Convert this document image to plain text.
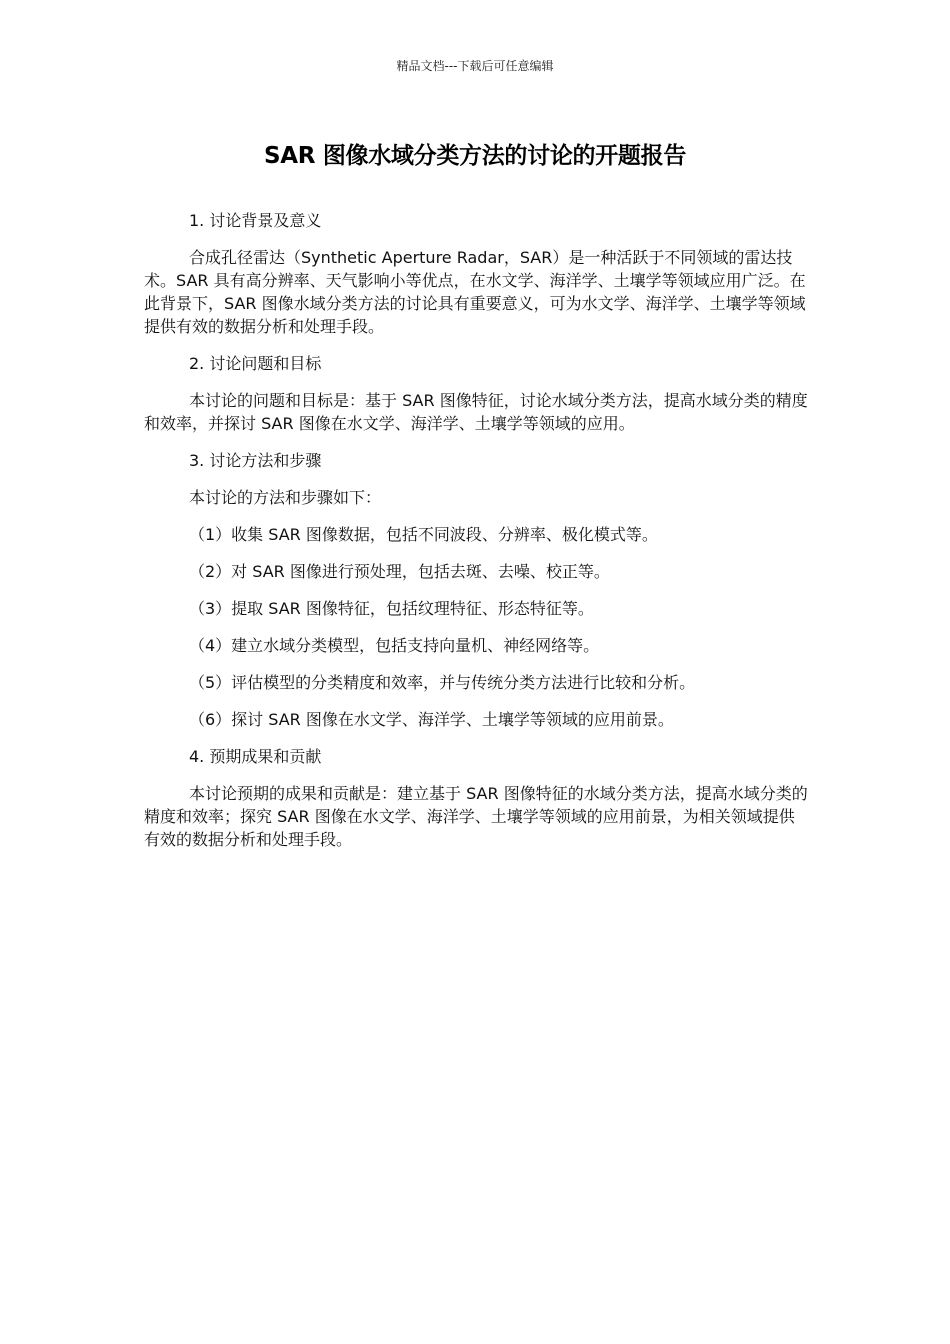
精品文档---下载后可任意编辑
SAR 图像水域分类方法的讨论的开题报告

1. 讨论背景及意义

合成孔径雷达（Synthetic Aperture Radar，SAR）是一种活跃于不同领域的雷达技术。SAR 具有高分辨率、天气影响小等优点，在水文学、海洋学、土壤学等领域应用广泛。在此背景下，SAR 图像水域分类方法的讨论具有重要意义，可为水文学、海洋学、土壤学等领域提供有效的数据分析和处理手段。

2. 讨论问题和目标

本讨论的问题和目标是：基于 SAR 图像特征，讨论水域分类方法，提高水域分类的精度和效率，并探讨 SAR 图像在水文学、海洋学、土壤学等领域的应用。

3. 讨论方法和步骤

本讨论的方法和步骤如下：

（1）收集 SAR 图像数据，包括不同波段、分辨率、极化模式等。

（2）对 SAR 图像进行预处理，包括去斑、去噪、校正等。

（3）提取 SAR 图像特征，包括纹理特征、形态特征等。

（4）建立水域分类模型，包括支持向量机、神经网络等。

（5）评估模型的分类精度和效率，并与传统分类方法进行比较和分析。

（6）探讨 SAR 图像在水文学、海洋学、土壤学等领域的应用前景。

4. 预期成果和贡献

本讨论预期的成果和贡献是：建立基于 SAR 图像特征的水域分类方法，提高水域分类的精度和效率；探究 SAR 图像在水文学、海洋学、土壤学等领域的应用前景，为相关领域提供有效的数据分析和处理手段。
